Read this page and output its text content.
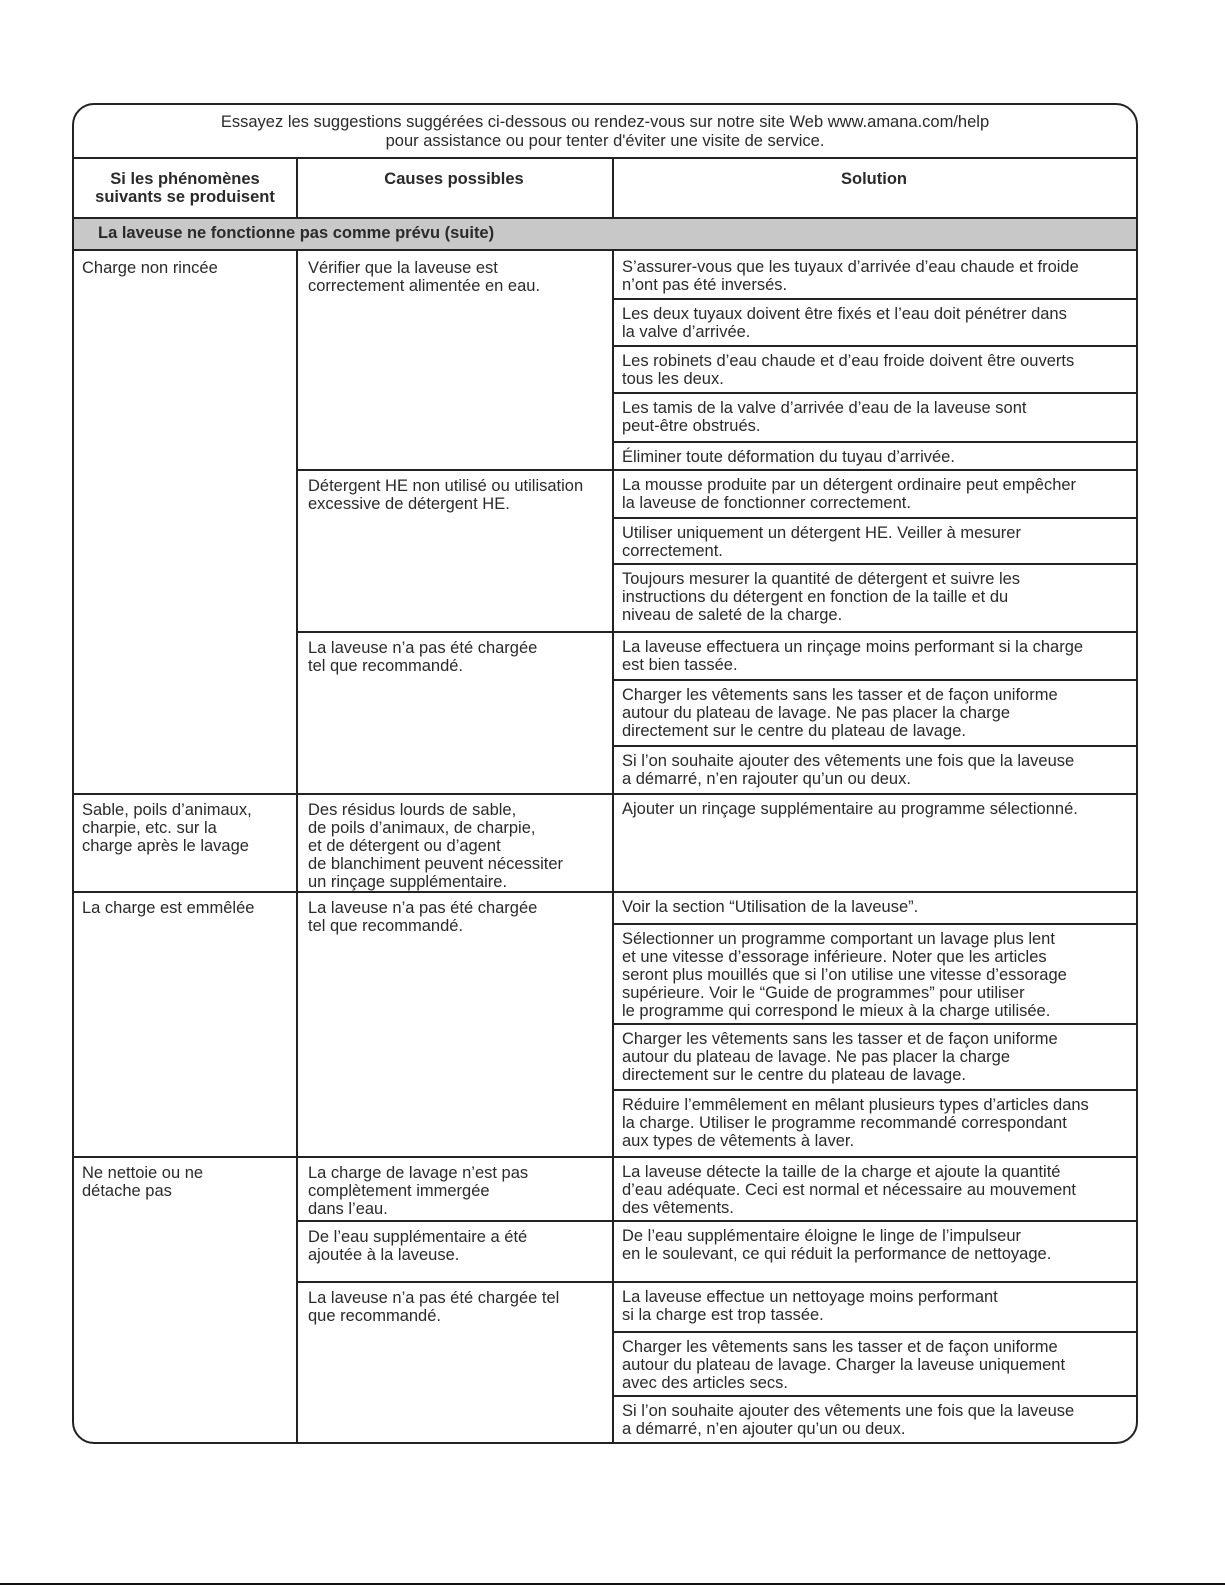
Essayez les suggestions suggérées ci-dessous ou rendez-vous sur notre site Web www.amana.com/help
pour assistance ou pour tenter d'éviter une visite de service.
Si les phénomènes
suivants se produisent
Causes possibles	Solution
La laveuse ne fonctionne pas comme prévu (suite)
Charge non rincée
Sable, poils d’animaux,
charpie, etc. sur la
charge après le lavage
La charge est emmêlée
Ne nettoie ou ne
détache pas
Vérifier que la laveuse est
correctement alimentée en eau.
Détergent HE non utilisé ou utilisation
excessive de détergent HE.
La laveuse n’a pas été chargée
tel que recommandé.
Des résidus lourds de sable,
de poils d’animaux, de charpie,
et de détergent ou d’agent
de blanchiment peuvent nécessiter
un rinçage supplémentaire.
La laveuse n’a pas été chargée
tel que recommandé.
La charge de lavage n’est pas
complètement immergée
dans l’eau.
De l’eau supplémentaire a été
ajoutée à la laveuse.
La laveuse n’a pas été chargée tel
que recommandé.
S’assurer-vous que les tuyaux d’arrivée d’eau chaude et froide
n’ont pas été inversés.
Les deux tuyaux doivent être fixés et l’eau doit pénétrer dans
la valve d’arrivée.
Les robinets d’eau chaude et d’eau froide doivent être ouverts
tous les deux.
Les tamis de la valve d’arrivée d’eau de la laveuse sont
peut-être obstrués.
Éliminer toute déformation du tuyau d’arrivée.
La mousse produite par un détergent ordinaire peut empêcher
la laveuse de fonctionner correctement.
Utiliser uniquement un détergent HE. Veiller à mesurer
correctement.
Toujours mesurer la quantité de détergent et suivre les
instructions du détergent en fonction de la taille et du
niveau de saleté de la charge.
La laveuse effectuera un rinçage moins performant si la charge
est bien tassée.
Charger les vêtements sans les tasser et de façon uniforme
autour du plateau de lavage. Ne pas placer la charge
directement sur le centre du plateau de lavage.
Si l’on souhaite ajouter des vêtements une fois que la laveuse
a démarré, n’en rajouter qu’un ou deux.
Ajouter un rinçage supplémentaire au programme sélectionné.
Voir la section “Utilisation de la laveuse”.
Sélectionner un programme comportant un lavage plus lent
et une vitesse d’essorage inférieure. Noter que les articles
seront plus mouillés que si l’on utilise une vitesse d’essorage
supérieure. Voir le “Guide de programmes” pour utiliser
le programme qui correspond le mieux à la charge utilisée.
Charger les vêtements sans les tasser et de façon uniforme
autour du plateau de lavage. Ne pas placer la charge
directement sur le centre du plateau de lavage.
Réduire l’emmêlement en mêlant plusieurs types d’articles dans
la charge. Utiliser le programme recommandé correspondant
aux types de vêtements à laver.
La laveuse détecte la taille de la charge et ajoute la quantité
d’eau adéquate. Ceci est normal et nécessaire au mouvement
des vêtements.
De l’eau supplémentaire éloigne le linge de l’impulseur
en le soulevant, ce qui réduit la performance de nettoyage.
La laveuse effectue un nettoyage moins performant
si la charge est trop tassée.
Charger les vêtements sans les tasser et de façon uniforme
autour du plateau de lavage. Charger la laveuse uniquement
avec des articles secs.
Si l’on souhaite ajouter des vêtements une fois que la laveuse
a démarré, n’en ajouter qu’un ou deux.
